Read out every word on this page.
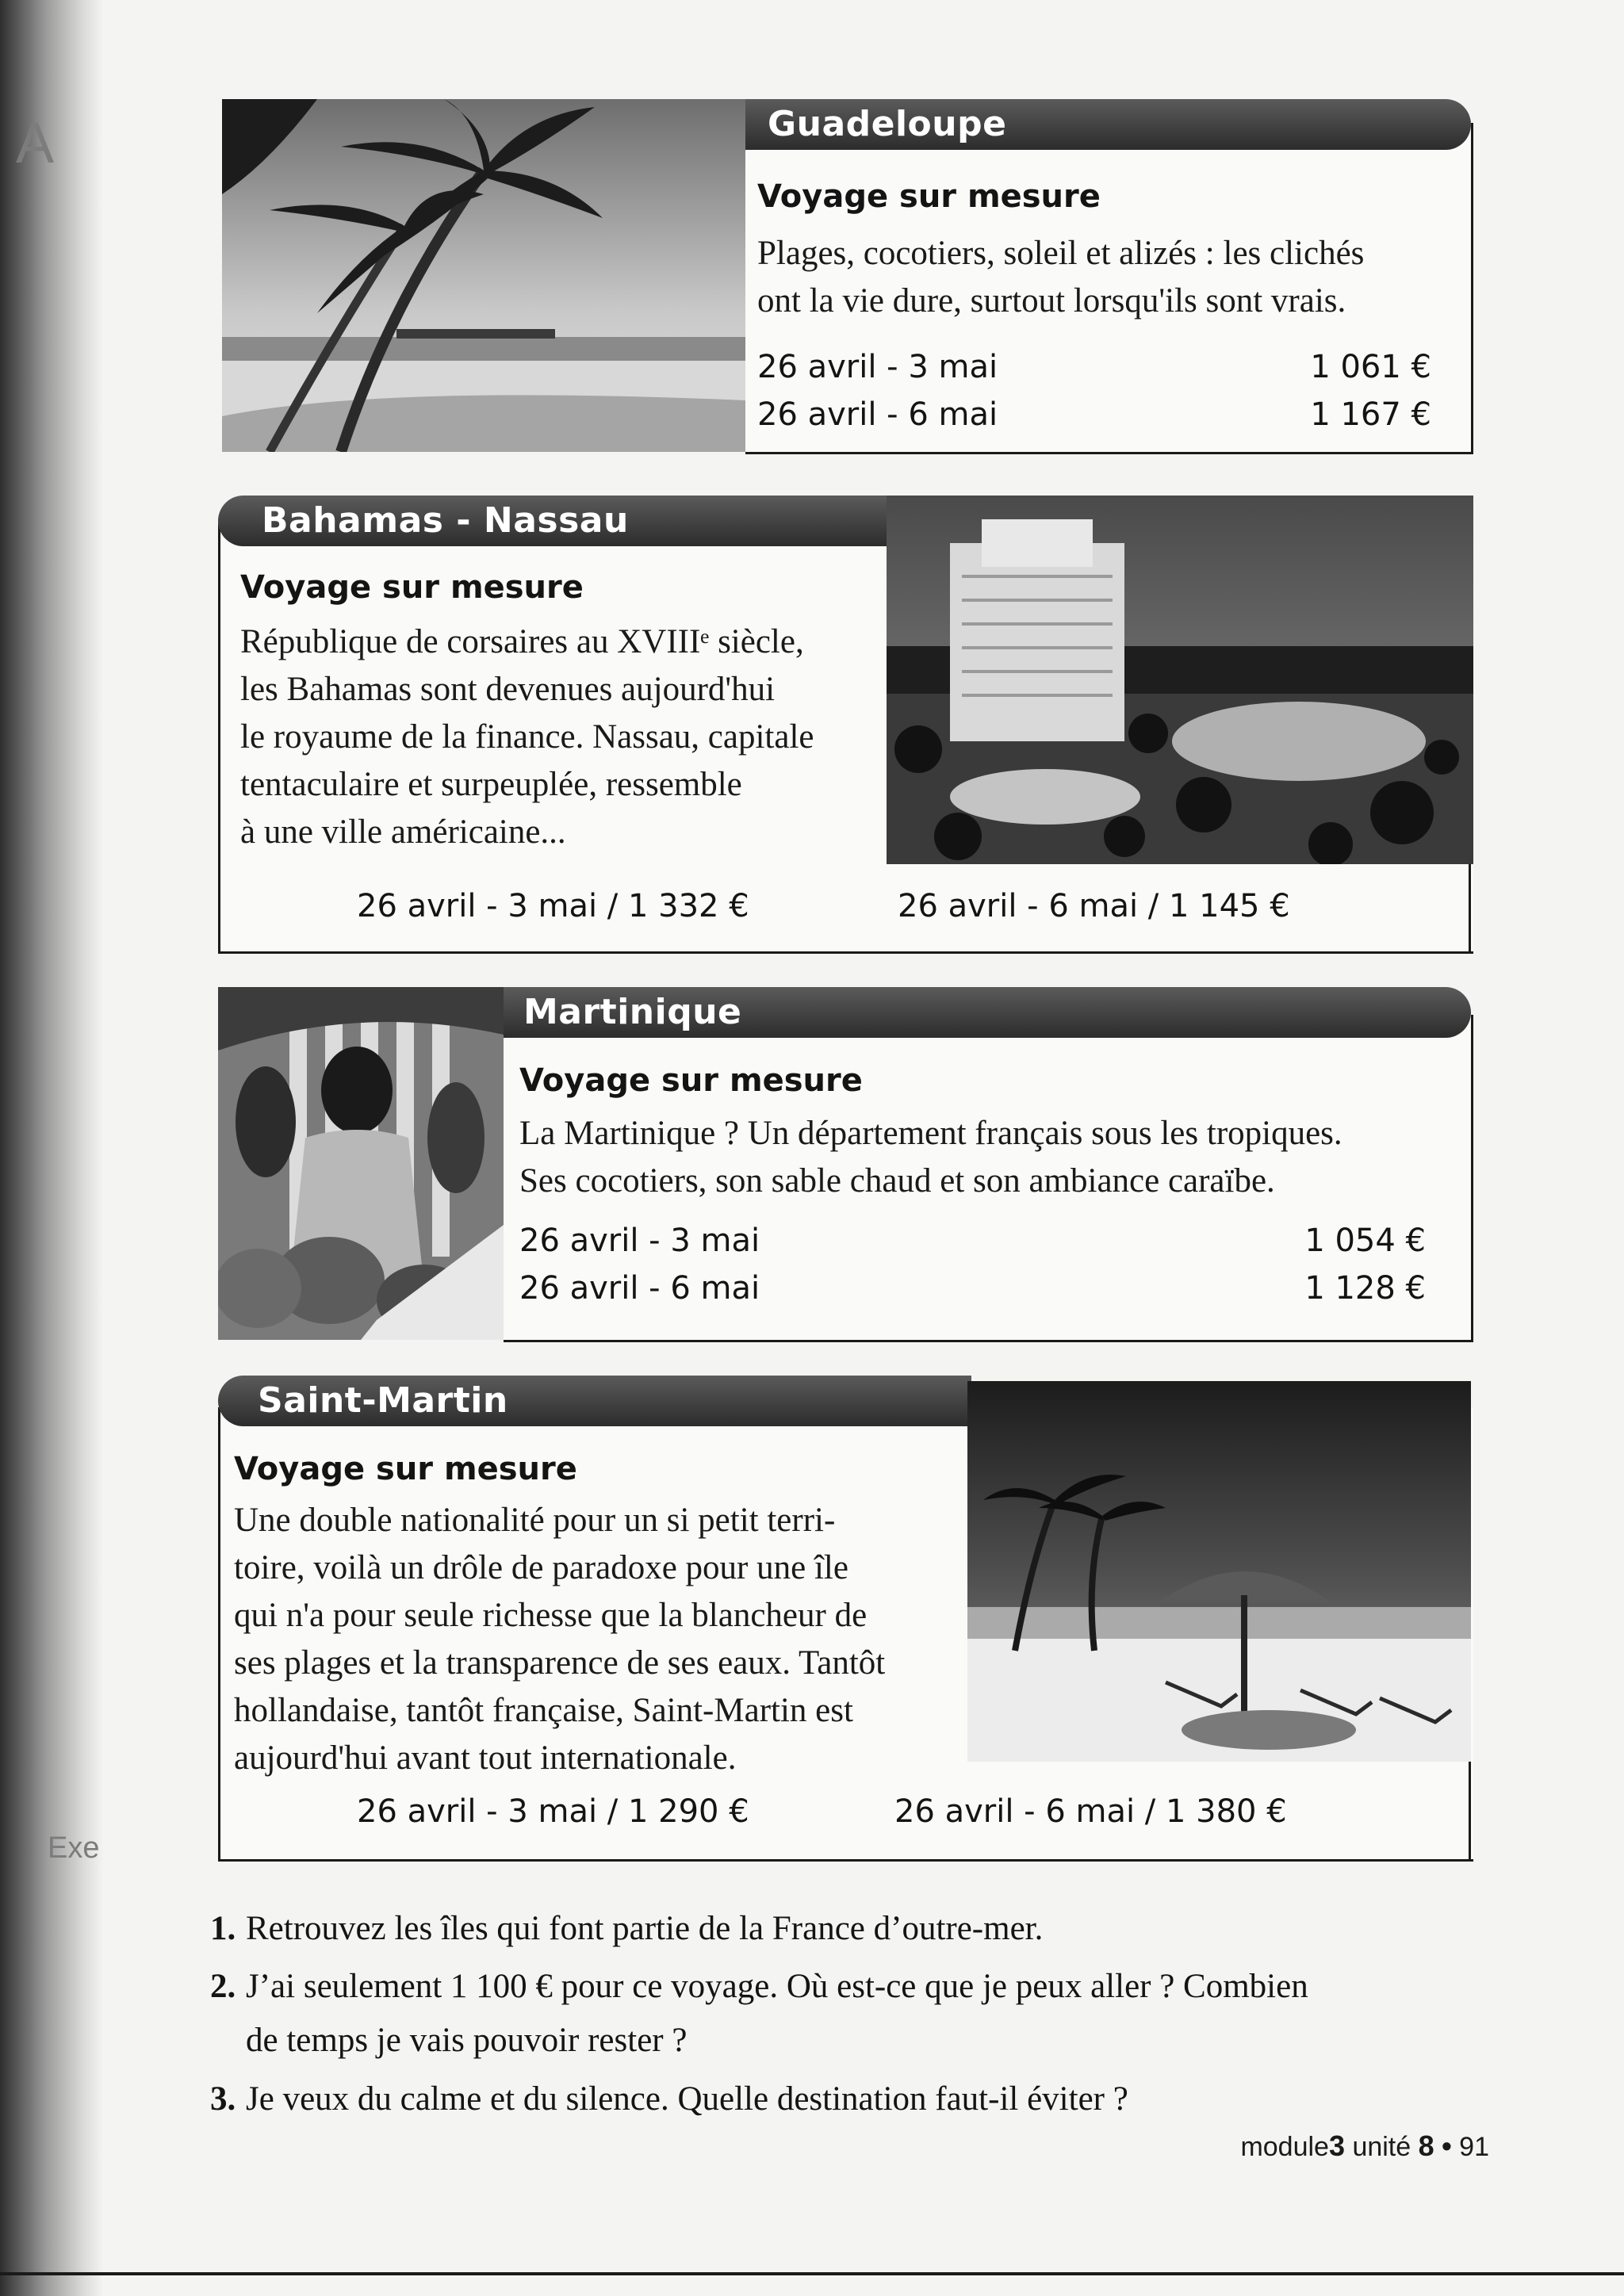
A
Exe
Guadeloupe
Voyage sur mesure
Plages, cocotiers, soleil et alizés : les clichés
ont la vie dure, surtout lorsqu'ils sont vrais.
26 avril - 3 mai	1 061 €
26 avril - 6 mai	1 167 €
Bahamas - Nassau
Voyage sur mesure
République de corsaires au XVIIIᵉ siècle,
les Bahamas sont devenues aujourd'hui
le royaume de la finance. Nassau, capitale
tentaculaire et surpeuplée, ressemble
à une ville américaine...
26 avril - 3 mai / 1 332 €	26 avril - 6 mai / 1 145 €
Martinique
Voyage sur mesure
La Martinique ? Un département français sous les tropiques.
Ses cocotiers, son sable chaud et son ambiance caraïbe.
26 avril - 3 mai	1 054 €
26 avril - 6 mai	1 128 €
Saint-Martin
Voyage sur mesure
Une double nationalité pour un si petit terri-
toire, voilà un drôle de paradoxe pour une île
qui n'a pour seule richesse que la blancheur de
ses plages et la transparence de ses eaux. Tantôt
hollandaise, tantôt française, Saint-Martin est
aujourd'hui avant tout internationale.
26 avril - 3 mai / 1 290 €	26 avril - 6 mai / 1 380 €
1. Retrouvez les îles qui font partie de la France d’outre-mer.
2. J’ai seulement 1 100 € pour ce voyage. Où est-ce que je peux aller ? Combien
de temps je vais pouvoir rester ?
3. Je veux du calme et du silence. Quelle destination faut-il éviter ?
module3 unité 8 • 91
